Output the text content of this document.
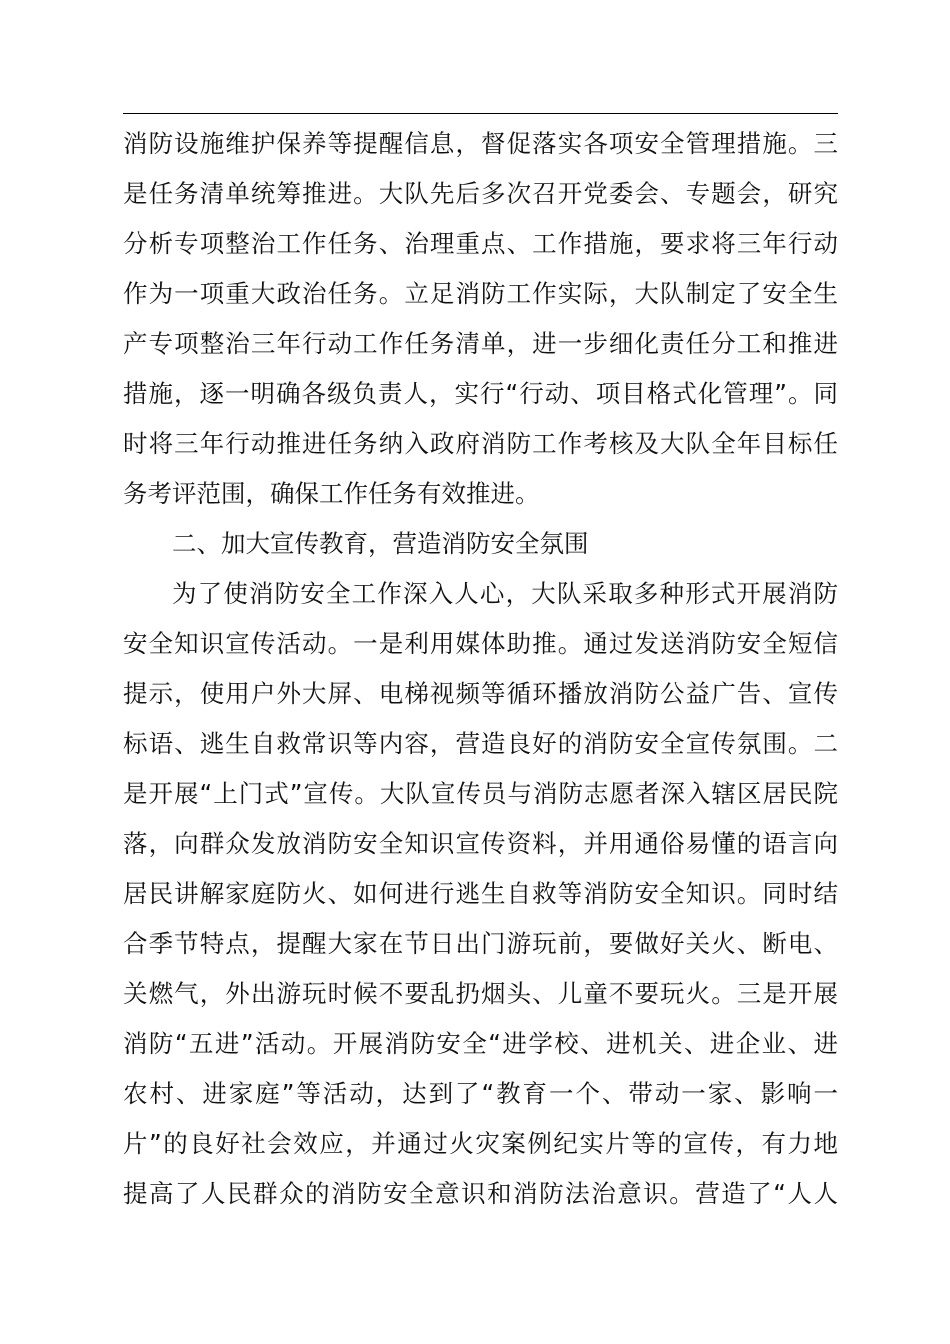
消防设施维护保养等提醒信息，督促落实各项安全管理措施。三
是任务清单统筹推进。大队先后多次召开党委会、专题会，研究
分析专项整治工作任务、治理重点、工作措施，要求将三年行动
作为一项重大政治任务。立足消防工作实际，大队制定了安全生
产专项整治三年行动工作任务清单，进一步细化责任分工和推进
措施，逐一明确各级负责人，实行“行动、项目格式化管理”。同
时将三年行动推进任务纳入政府消防工作考核及大队全年目标任
务考评范围，确保工作任务有效推进。
二、加大宣传教育，营造消防安全氛围
为了使消防安全工作深入人心，大队采取多种形式开展消防
安全知识宣传活动。一是利用媒体助推。通过发送消防安全短信
提示，使用户外大屏、电梯视频等循环播放消防公益广告、宣传
标语、逃生自救常识等内容，营造良好的消防安全宣传氛围。二
是开展“上门式”宣传。大队宣传员与消防志愿者深入辖区居民院
落，向群众发放消防安全知识宣传资料，并用通俗易懂的语言向
居民讲解家庭防火、如何进行逃生自救等消防安全知识。同时结
合季节特点，提醒大家在节日出门游玩前，要做好关火、断电、
关燃气，外出游玩时候不要乱扔烟头、儿童不要玩火。三是开展
消防“五进”活动。开展消防安全“进学校、进机关、进企业、进
农村、进家庭”等活动，达到了“教育一个、带动一家、影响一
片”的良好社会效应，并通过火灾案例纪实片等的宣传，有力地
提高了人民群众的消防安全意识和消防法治意识。营造了“人人
